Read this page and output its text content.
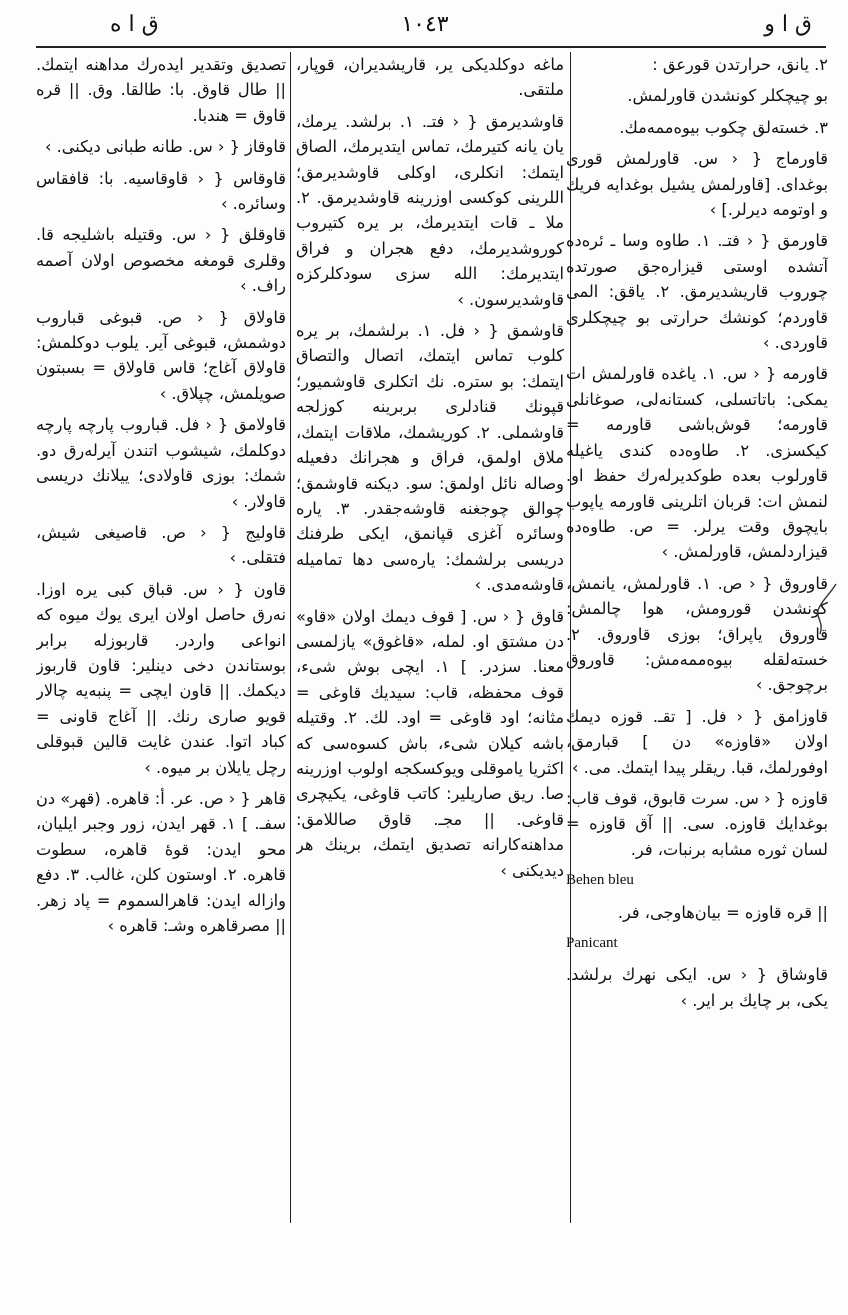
ق ا ه	١٠٤٣	ق ا و
٢. يانق، حرارتدن قورعق :
بو چیچکلر کونشدن قاورلمش.
٣. خستەلق چکوب بیوەممەمك.
قاورماج { ‹ س. قاورلمش قوری بوغدای. [قاورلمش يشيل بوغدايه فريك و اوتومه ديرلر.] ›
قاورمق { ‹ فتـ. ١. طاوه وسا ـ ئرەده آتشده اوستی قیزارەجق صورتده چوروب قاریشدیرمق. ٢. یاقق: المی قاوردم؛ کونشك حرارتی بو چیچکلری قاوردی. ›
قاورمه { ‹ س. ١. یاغده قاورلمش ات یمکی: باتاتسلی، کستانەلی، صوغانلی قاورمه؛ قوش‌باشی قاورمه = کیکسزی. ٢. طاوەده کندی یاغیله قاورلوب بعده طوکدیرلەرك حفظ او. لنمش ات: قربان اتلرینی قاورمه یاپوب بایچوق وقت یرلر. = ص. طاوەده قیزاردلمش، قاورلمش. ›
قاوروق { ‹ ص. ١. قاورلمش، یانمش، کونشدن قورومش، هوا چالمش: قاوروق یاپراق؛ بوزی قاوروق. ٢. خستەلقله بیوەممەمش: قاوروق برچوجق. ›
قاوزامق { ‹ فل. [ تقـ. قوزه دیمك اولان «قاوزه» دن ] قبارمق، اوفورلمك، قبا. ریقلر پیدا ایتمك. می. ›
قاوزه { ‹ س. سرت قابوق، قوف قاب: بوغدایك قاوزه. سی. || آق قاوزه = لسان ثوره مشابه برنبات، فر.
Behen bleu
|| قره قاوزه = بیان‌هاوجی، فر.
Panicant
قاوشاق { ‹ س. ایکی نهرك برلشد. یکی، بر چایك بر ایر. ›
ماغه دوکلدیکی یر، قاریشدیران، قوپار، ملتقی.
قاوشدیرمق { ‹ فتـ. ١. برلشد. یرمك، یان یانه کتیرمك، تماس ایتدیرمك، الصاق ایتمك: انکلری، اوکلی قاوشدیرمق؛ اللرینی کوکسی اوزرینه قاوشدیرمق. ٢. ملا ـ قات ایتدیرمك، بر یره کتیروب کوروشدیرمك، دفع هجران و فراق ایتدیرمك: الله سزی سودکلرکزه قاوشدیرسون. ›
قاوشمق { ‹ فل. ١. برلشمك، بر یره کلوب تماس ایتمك، اتصال والتصاق ایتمك: بو سترە. نك اتکلری قاوشمیور؛ قپونك قنادلری بربرینه کوزلجه قاوشملی. ٢. کوریشمك، ملاقات ایتمك، ملاق اولمق، فراق و هجرانك دفعیله وصاله نائل اولمق: سو. دیکنه قاوشمق؛ چوالق چوجغنه قاوشه‌جقدر. ٣. یاره وسائره آغزی قپانمق، ایکی طرفنك دریسی برلشمك: یاره‌سی دها تمامیله قاوشه‌مدی. ›
قاوق { ‹ س. [ قوف دیمك اولان «قاو» دن مشتق او. لمله، «قاغوق» یازلمسی معنا. سزدر. ] ١. ایچی بوش شیء، قوف محفظه، قاب: سیدیك قاوغی = مثانه؛ اود قاوغی = اود. لك. ٢. وقتیله باشه کیلان شیء، باش کسوه‌سی که اکثریا یاموقلی ویوکسکجه اولوب اوزرینه صا. ریق صاریلیر: کاتب قاوغی، یکیچری قاوغی. || مجـ. قاوق صاللامق: مداهنه‌کارانه تصدیق ایتمك، برینك هر دیدیکنی ›
تصدیق وتقدیر ایدەرك مداهنه ایتمك. || طال قاوق. با: طالقا. وق. || قره قاوق = هندبا.
قاوقاز { ‹ س. طانه طبانی دیکنی. ›
قاوقاس { ‹ قاوقاسیه. با: قافقاس وسائره. ›
قاوقلق { ‹ س. وقتیله باشلیجه قا. وقلری قومغه مخصوص اولان آصمه راف. ›
قاولاق { ‹ ص. قبوغی قباروب دوشمش، قبوغی آیر. یلوب دوکلمش: قاولاق آغاج؛ قاس قاولاق = بسبتون صویلمش، چپلاق. ›
قاولامق { ‹ فل. قباروب پارچه پارچه دوکلمك، شیشوب اتندن آیرلەرق دو. شمك: بوزی قاولادی؛ ییلانك دریسی قاولار. ›
قاولیج { ‹ ص. قاصیغی شیش، فتقلی. ›
قاون { ‹ س. قباق کبی یره اوزا. نەرق حاصل اولان ایری یوك میوه که انواعی واردر. قاربوزله برابر بوستاندن دخی دینلیر: قاون قاربوز دیکمك. || قاون ایچی = پنبه‌یه چالار قویو صاری رنك. || آغاج قاونی = کباد اتوا. عندن غایت قالین قبوقلی رچل یایلان بر میوه. ›
قاهر { ‹ ص. عر. أ: قاهره. (قهر» دن سفـ. ] ١. قهر ایدن، زور وجبر ایلیان، محو ایدن: قوهٔ قاهره، سطوت قاهره. ٢. اوستون کلن، غالب. ٣. دفع وازاله ایدن: قاهرالسموم = پاد زهر. || مصرقاهره وشـ: قاهره ›
